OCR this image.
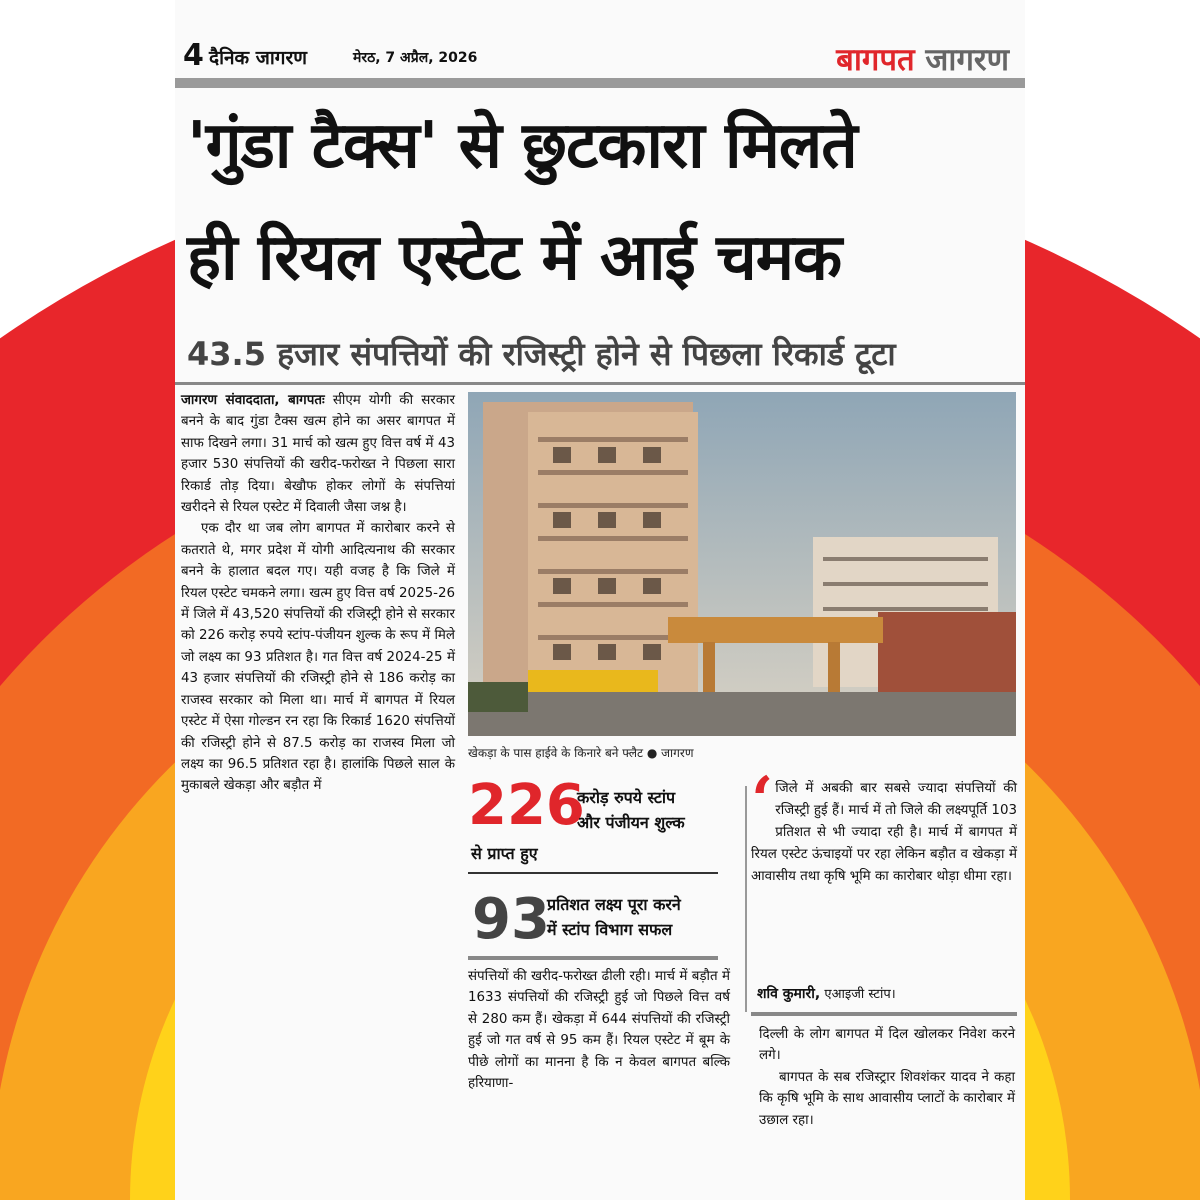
4 दैनिक जागरण	मेरठ, 7 अप्रैल, 2026	बागपत जागरण
'गुंडा टैक्स' से छुटकारा मिलते
ही रियल एस्टेट में आई चमक
43.5 हजार संपत्तियों की रजिस्ट्री होने से पिछला रिकार्ड टूटा

जागरण संवाददाता, बागपतः सीएम योगी की सरकार बनने के बाद गुंडा टैक्स खत्म होने का असर बागपत में साफ दिखने लगा। 31 मार्च को खत्म हुए वित्त वर्ष में 43 हजार 530 संपत्तियों की खरीद-फरोख्त ने पिछला सारा रिकार्ड तोड़ दिया। बेखौफ होकर लोगों के संपत्तियां खरीदने से रियल एस्टेट में दिवाली जैसा जश्न है।

एक दौर था जब लोग बागपत में कारोबार करने से कतराते थे, मगर प्रदेश में योगी आदित्यनाथ की सरकार बनने के हालात बदल गए। यही वजह है कि जिले में रियल एस्टेट चमकने लगा। खत्म हुए वित्त वर्ष 2025-26 में जिले में 43,520 संपत्तियों की रजिस्ट्री होने से सरकार को 226 करोड़ रुपये स्टांप-पंजीयन शुल्क के रूप में मिले जो लक्ष्य का 93 प्रतिशत है। गत वित्त वर्ष 2024-25 में 43 हजार संपत्तियों की रजिस्ट्री होने से 186 करोड़ का राजस्व सरकार को मिला था। मार्च में बागपत में रियल एस्टेट में ऐसा गोल्डन रन रहा कि रिकार्ड 1620 संपत्तियों की रजिस्ट्री होने से 87.5 करोड़ का राजस्व मिला जो लक्ष्य का 96.5 प्रतिशत रहा है। हालांकि पिछले साल के मुकाबले खेकड़ा और बड़ौत में

खेकड़ा के पास हाईवे के किनारे बने फ्लैट ● जागरण
226
करोड़ रुपये स्टांप
और पंजीयन शुल्क
से प्राप्त हुए
93
प्रतिशत लक्ष्य पूरा करने
में स्टांप विभाग सफल

संपत्तियों की खरीद-फरोख्त ढीली रही। मार्च में बड़ौत में 1633 संपत्तियों की रजिस्ट्री हुई जो पिछले वित्त वर्ष से 280 कम हैं। खेकड़ा में 644 संपत्तियों की रजिस्ट्री हुई जो गत वर्ष से 95 कम हैं। रियल एस्टेट में बूम के पीछे लोगों का मानना है कि न केवल बागपत बल्कि हरियाणा-

‘ जिले में अबकी बार सबसे ज्यादा संपत्तियों की रजिस्ट्री हुई हैं। मार्च में तो जिले की लक्ष्यपूर्ति 103 प्रतिशत से भी ज्यादा रही है। मार्च में बागपत में रियल एस्टेट ऊंचाइयों पर रहा लेकिन बड़ौत व खेकड़ा में आवासीय तथा कृषि भूमि का कारोबार थोड़ा धीमा रहा।
शवि कुमारी, एआइजी स्टांप।

दिल्ली के लोग बागपत में दिल खोलकर निवेश करने लगे।

बागपत के सब रजिस्ट्रार शिवशंकर यादव ने कहा कि कृषि भूमि के साथ आवासीय प्लाटों के कारोबार में उछाल रहा।
